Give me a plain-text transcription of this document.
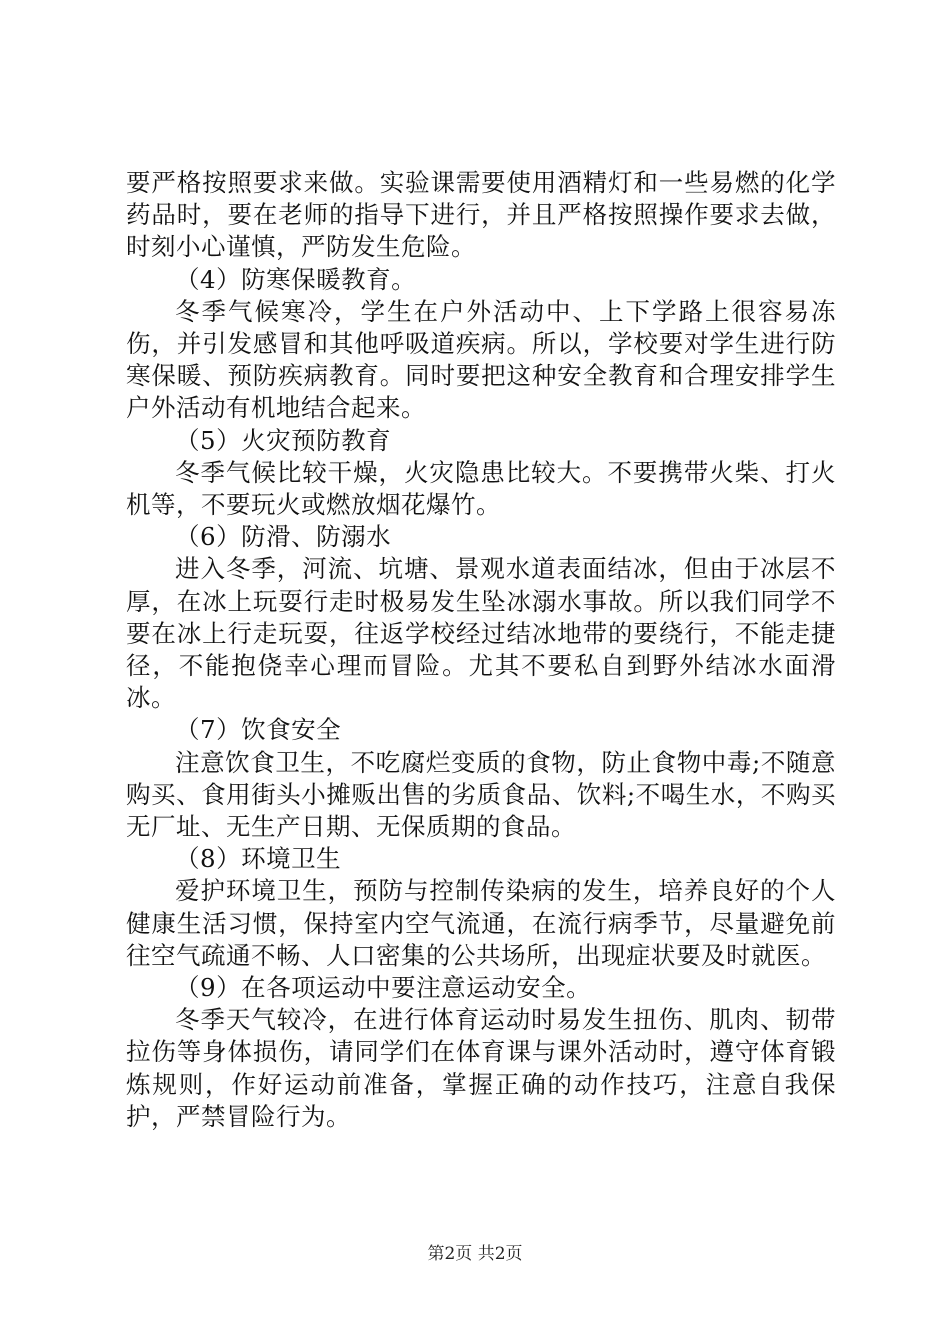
要严格按照要求来做。实验课需要使用酒精灯和一些易燃的化学药品时，要在老师的指导下进行，并且严格按照操作要求去做，时刻小心谨慎，严防发生危险。

（4）防寒保暖教育。

冬季气候寒冷，学生在户外活动中、上下学路上很容易冻伤，并引发感冒和其他呼吸道疾病。所以，学校要对学生进行防寒保暖、预防疾病教育。同时要把这种安全教育和合理安排学生户外活动有机地结合起来。

（5）火灾预防教育

冬季气候比较干燥，火灾隐患比较大。不要携带火柴、打火机等，不要玩火或燃放烟花爆竹。

（6）防滑、防溺水

进入冬季，河流、坑塘、景观水道表面结冰，但由于冰层不厚，在冰上玩耍行走时极易发生坠冰溺水事故。所以我们同学不要在冰上行走玩耍，往返学校经过结冰地带的要绕行，不能走捷径，不能抱侥幸心理而冒险。尤其不要私自到野外结冰水面滑冰。

（7）饮食安全

注意饮食卫生，不吃腐烂变质的食物，防止食物中毒;不随意购买、食用街头小摊贩出售的劣质食品、饮料;不喝生水，不购买无厂址、无生产日期、无保质期的食品。

（8）环境卫生

爱护环境卫生，预防与控制传染病的发生，培养良好的个人健康生活习惯，保持室内空气流通，在流行病季节，尽量避免前往空气疏通不畅、人口密集的公共场所，出现症状要及时就医。

（9）在各项运动中要注意运动安全。

冬季天气较冷，在进行体育运动时易发生扭伤、肌肉、韧带拉伤等身体损伤，请同学们在体育课与课外活动时，遵守体育锻炼规则，作好运动前准备，掌握正确的动作技巧，注意自我保护，严禁冒险行为。

第2页 共2页
